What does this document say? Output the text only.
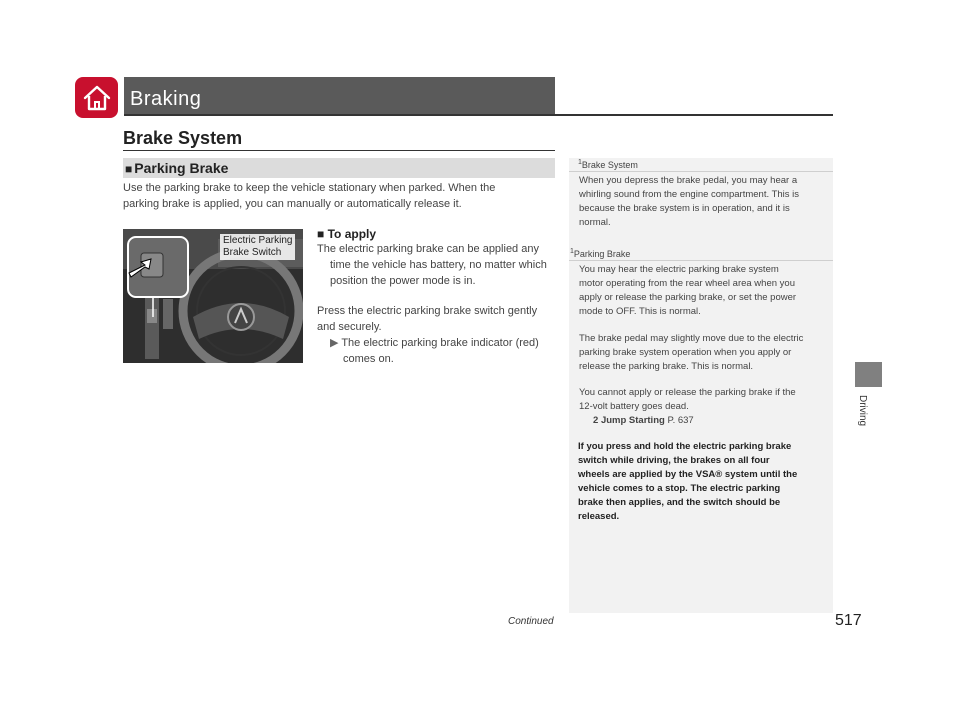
Braking
Brake System
■ Parking Brake
Use the parking brake to keep the vehicle stationary when parked. When the
parking brake is applied, you can manually or automatically release it.
Electric Parking
Brake Switch
■ To apply
The electric parking brake can be applied any
time the vehicle has battery, no matter which
position the power mode is in.
Press the electric parking brake switch gently
and securely.
▶ The electric parking brake indicator (red)
comes on.
$^1$Brake System
When you depress the brake pedal, you may hear a
whirling sound from the engine compartment. This is
because the brake system is in operation, and it is
normal.
$^1$Parking Brake
You may hear the electric parking brake system
motor operating from the rear wheel area when you
apply or release the parking brake, or set the power
mode to OFF. This is normal.
The brake pedal may slightly move due to the electric
parking brake system operation when you apply or
release the parking brake. This is normal.
You cannot apply or release the parking brake if the
12-volt battery goes dead.
2 Jump Starting P. 637
If you press and hold the electric parking brake
switch while driving, the brakes on all four
wheels are applied by the VSA® system until the
vehicle comes to a stop. The electric parking
brake then applies, and the switch should be
released.
Driving
Continued	517
